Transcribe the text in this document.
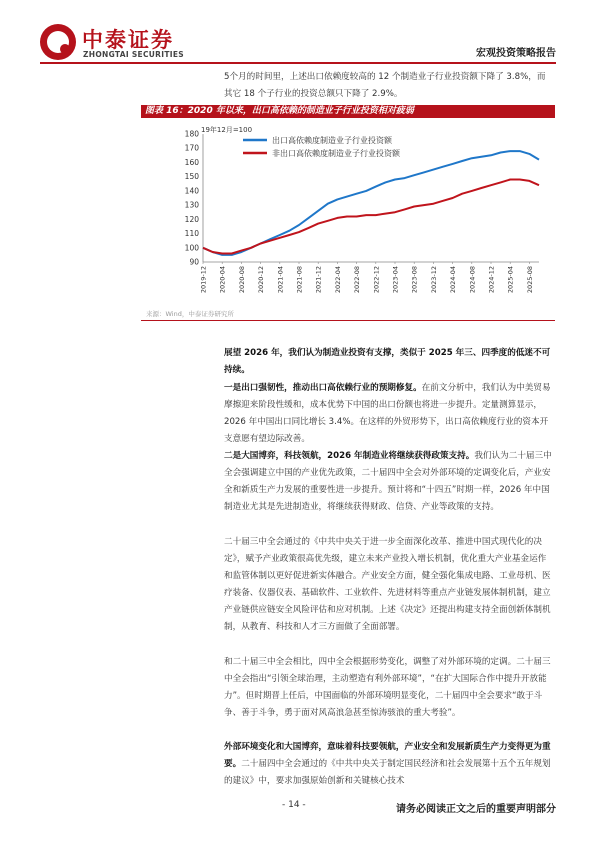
中泰证券
ZHONGTAI SECURITIES	宏观投资策略报告
5个月的时间里，上述出口依赖度较高的 12 个制造业子行业投资额下降了 3.8%，而其它 18 个子行业的投资总额只下降了 2.9%。
图表 16：2020 年以来，出口高依赖的制造业子行业投资相对疲弱
19年12月=100
90
100
110
120
130
140
150
160
170
180
2019-12 2020-04 2020-08 2020-12 2021-04 2021-08 2021-12 2022-04 2022-08 2022-12 2023-04 2023-08 2023-12 2024-04 2024-08 2024-12 2025-04 2025-08
出口高依赖度制造业子行业投资额
非出口高依赖度制造业子行业投资额
来源：Wind，中泰证券研究所
展望 2026 年，我们认为制造业投资有支撑，类似于 2025 年三、四季度的低迷不可持续。
一是出口强韧性，推动出口高依赖行业的预期修复。在前文分析中，我们认为中美贸易摩擦迎来阶段性缓和，成本优势下中国的出口份额也将进一步提升。定量测算显示，2026 年中国出口同比增长 3.4%。在这样的外贸形势下，出口高依赖度行业的资本开支意愿有望边际改善。
二是大国博弈，科技领航，2026 年制造业将继续获得政策支持。我们认为二十届三中全会强调建立中国的产业优先政策，二十届四中全会对外部环境的定调变化后，产业安全和新质生产力发展的重要性进一步提升。预计将和“十四五”时期一样，2026 年中国制造业尤其是先进制造业，将继续获得财政、信贷、产业等政策的支持。
二十届三中全会通过的《中共中央关于进一步全面深化改革、推进中国式现代化的决定》，赋予产业政策很高优先级，建立未来产业投入增长机制，优化重大产业基金运作和监管体制以更好促进新实体融合。产业安全方面，健全强化集成电路、工业母机、医疗装备、仪器仪表、基础软件、工业软件、先进材料等重点产业链发展体制机制，建立产业链供应链安全风险评估和应对机制。上述《决定》还提出构建支持全面创新体制机制，从教育、科技和人才三方面做了全面部署。
和二十届三中全会相比，四中全会根据形势变化，调整了对外部环境的定调。二十届三中全会指出“引领全球治理，主动塑造有利外部环境”，“在扩大国际合作中提升开放能力”。但时期晋上任后，中国面临的外部环境明显变化，二十届四中全会要求“敢于斗争、善于斗争，勇于面对风高浪急甚至惊涛骇浪的重大考验”。
外部环境变化和大国博弈，意味着科技要领航，产业安全和发展新质生产力变得更为重要。二十届四中全会通过的《中共中央关于制定国民经济和社会发展第十五个五年规划的建议》中，要求加强原始创新和关键核心技术
- 14 -	请务必阅读正文之后的重要声明部分
